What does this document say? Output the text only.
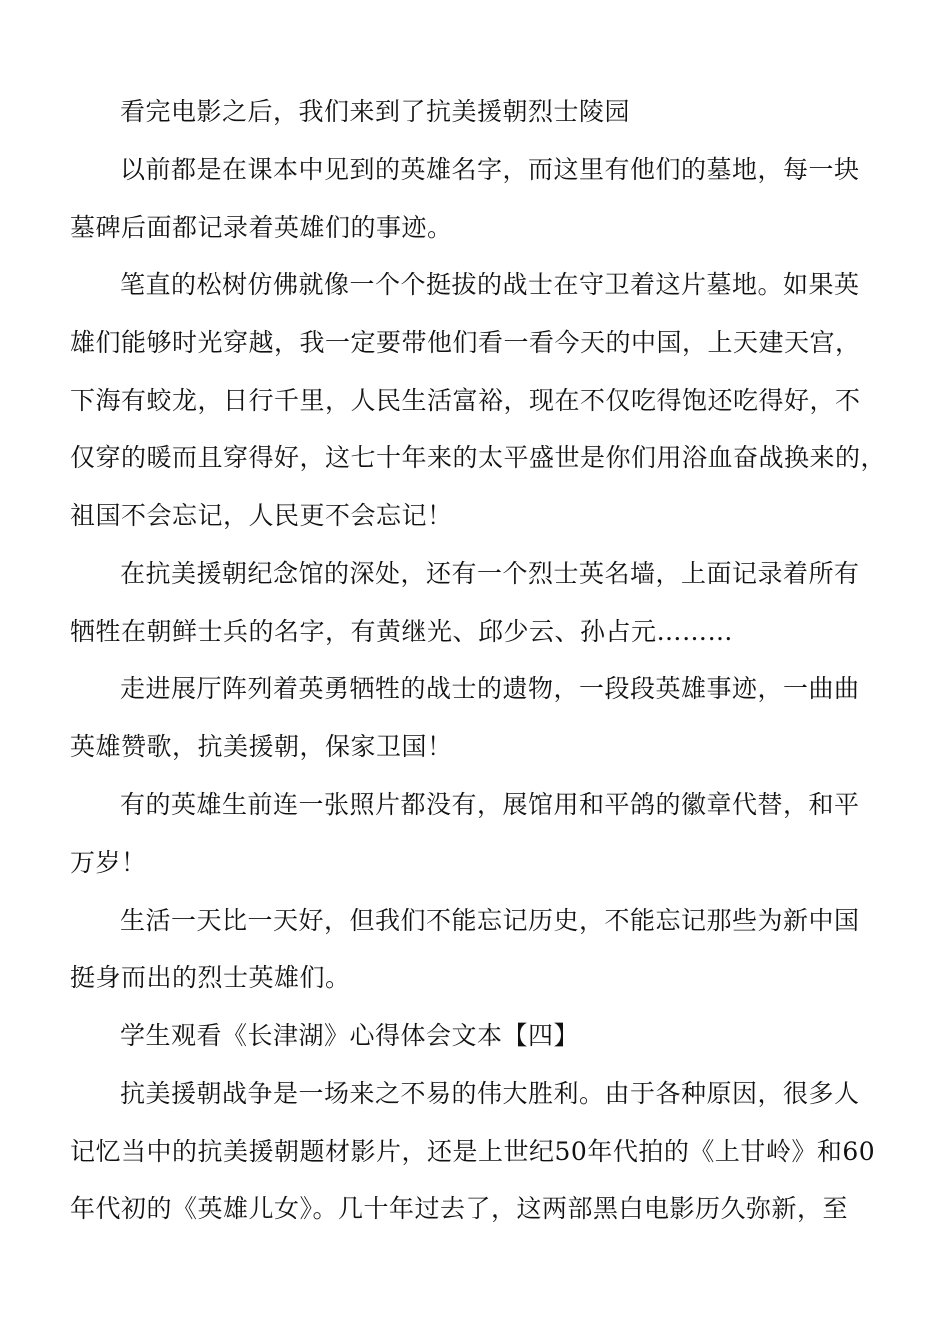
看完电影之后，我们来到了抗美援朝烈士陵园
以前都是在课本中见到的英雄名字，而这里有他们的墓地，每一块
墓碑后面都记录着英雄们的事迹。
笔直的松树仿佛就像一个个挺拔的战士在守卫着这片墓地。如果英
雄们能够时光穿越，我一定要带他们看一看今天的中国，上天建天宫，
下海有蛟龙，日行千里，人民生活富裕，现在不仅吃得饱还吃得好，不
仅穿的暖而且穿得好，这七十年来的太平盛世是你们用浴血奋战换来的，
祖国不会忘记，人民更不会忘记！
在抗美援朝纪念馆的深处，还有一个烈士英名墙，上面记录着所有
牺牲在朝鲜士兵的名字，有黄继光、邱少云、孙占元………
走进展厅阵列着英勇牺牲的战士的遗物，一段段英雄事迹，一曲曲
英雄赞歌，抗美援朝，保家卫国！
有的英雄生前连一张照片都没有，展馆用和平鸽的徽章代替，和平
万岁！
生活一天比一天好，但我们不能忘记历史，不能忘记那些为新中国
挺身而出的烈士英雄们。
学生观看《长津湖》心得体会文本【四】
抗美援朝战争是一场来之不易的伟大胜利。由于各种原因，很多人
记忆当中的抗美援朝题材影片，还是上世纪50年代拍的《上甘岭》和60
年代初的《英雄儿女》。几十年过去了，这两部黑白电影历久弥新，至
